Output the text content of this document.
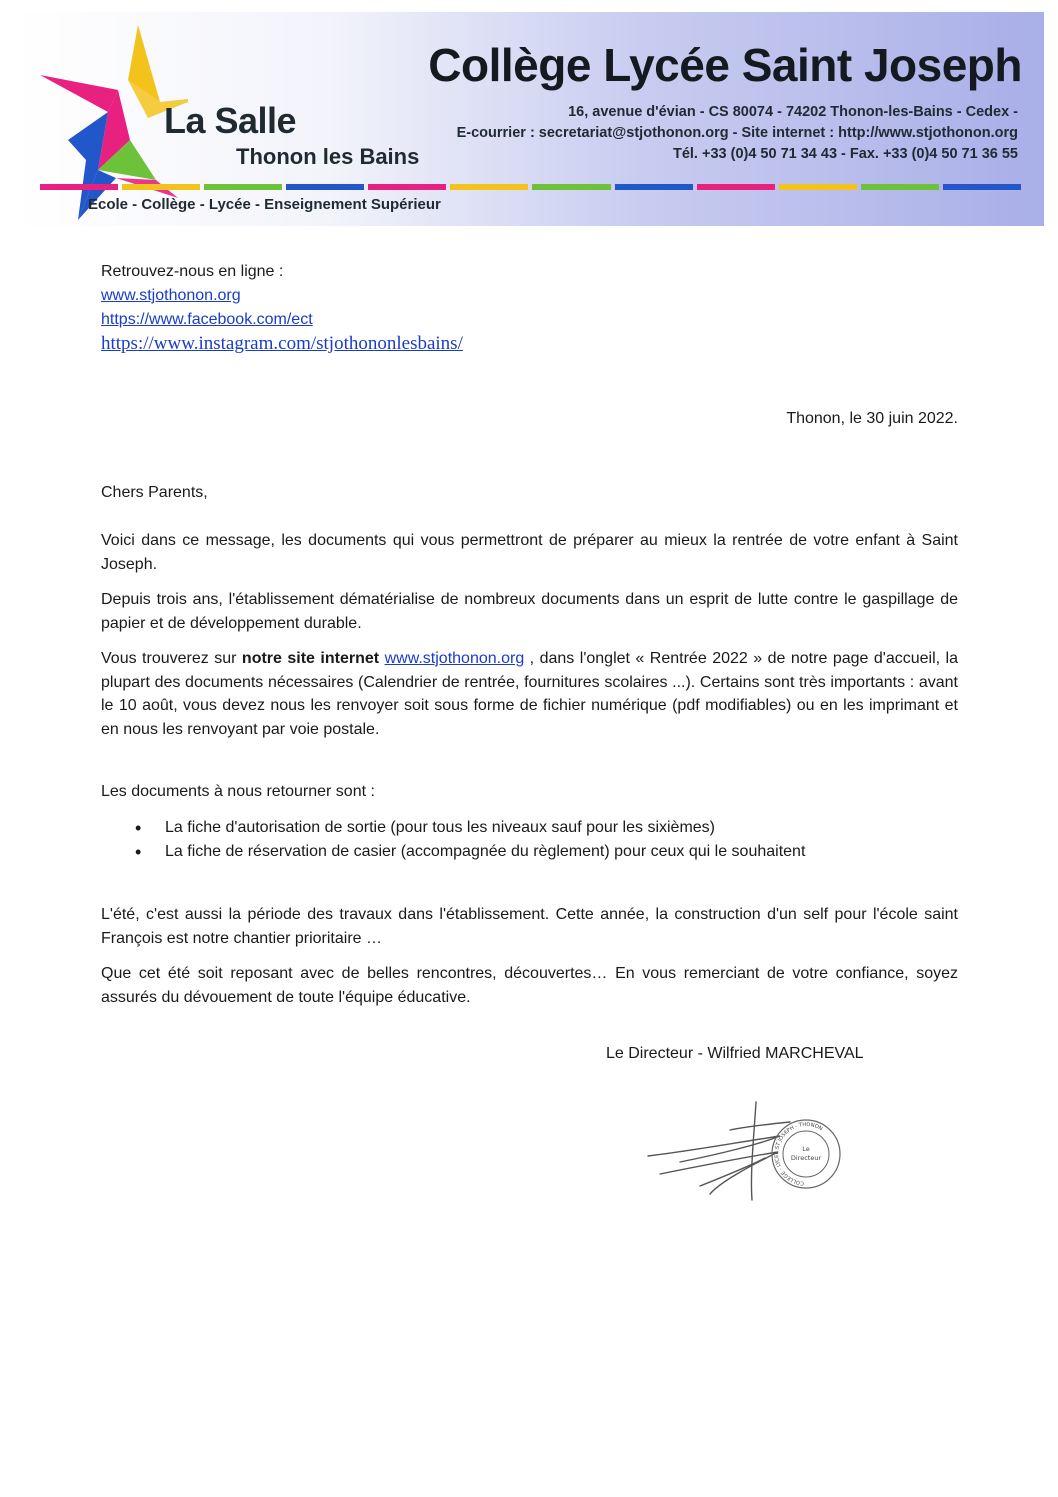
La Salle
Thonon les Bains
Ecole - Collège - Lycée - Enseignement Supérieur
Collège Lycée Saint Joseph
16, avenue d'évian - CS 80074 - 74202 Thonon-les-Bains - Cedex -
E-courrier : secretariat@stjothonon.org - Site internet : http://www.stjothonon.org
Tél. +33 (0)4 50 71 34 43 - Fax. +33 (0)4 50 71 36 55
Retrouvez-nous en ligne :
www.stjothonon.org
https://www.facebook.com/ect
https://www.instagram.com/stjothononlesbains/
Thonon, le 30 juin 2022.
Chers Parents,
Voici dans ce message, les documents qui vous permettront de préparer au mieux la rentrée de votre enfant à Saint Joseph.
Depuis trois ans, l'établissement dématérialise de nombreux documents dans un esprit de lutte contre le gaspillage de papier et de développement durable.
Vous trouverez sur notre site internet www.stjothonon.org , dans l'onglet « Rentrée 2022 » de notre page d'accueil, la plupart des documents nécessaires (Calendrier de rentrée, fournitures scolaires ...). Certains sont très importants : avant le 10 août, vous devez nous les renvoyer soit sous forme de fichier numérique (pdf modifiables) ou en les imprimant et en nous les renvoyant par voie postale.
Les documents à nous retourner sont :
• La fiche d'autorisation de sortie (pour tous les niveaux sauf pour les sixièmes)
• La fiche de réservation de casier (accompagnée du règlement) pour ceux qui le souhaitent
L'été, c'est aussi la période des travaux dans l'établissement. Cette année, la construction d'un self pour l'école saint François est notre chantier prioritaire …
Que cet été soit reposant avec de belles rencontres, découvertes… En vous remerciant de votre confiance, soyez assurés du dévouement de toute l'équipe éducative.
Le Directeur - Wilfried MARCHEVAL
Le
Directeur
COLLEGE - LYCEE ST JOSEPH - THONON
